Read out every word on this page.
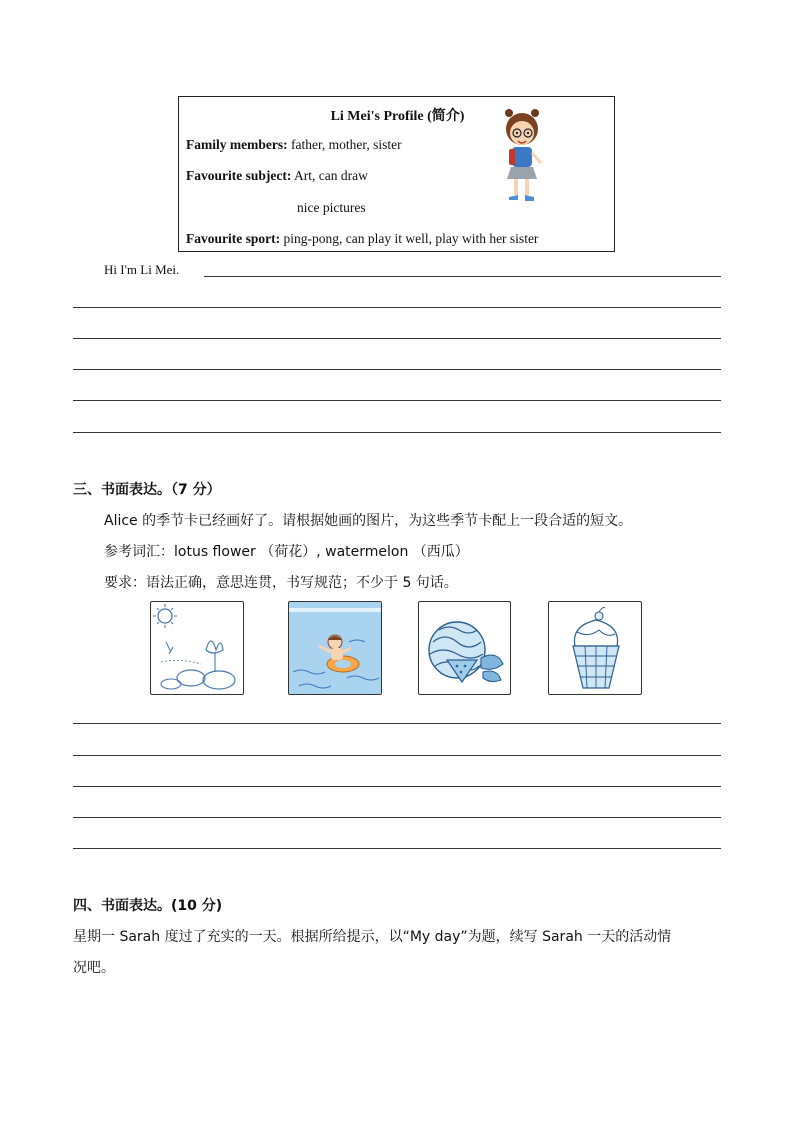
Li Mei's Profile (简介)
Family members: father, mother, sister
Favourite subject: Art, can draw
nice pictures
Favourite sport: ping-pong, can play it well, play with her sister
Hi I'm Li Mei.
三、书面表达。（7 分）
Alice 的季节卡已经画好了。请根据她画的图片，为这些季节卡配上一段合适的短文。
参考词汇：lotus flower （荷花）, watermelon （西瓜）
要求：语法正确，意思连贯，书写规范；不少于 5 句话。
四、书面表达。(10 分)
星期一 Sarah 度过了充实的一天。根据所给提示，以“My day”为题，续写 Sarah 一天的活动情
况吧。
